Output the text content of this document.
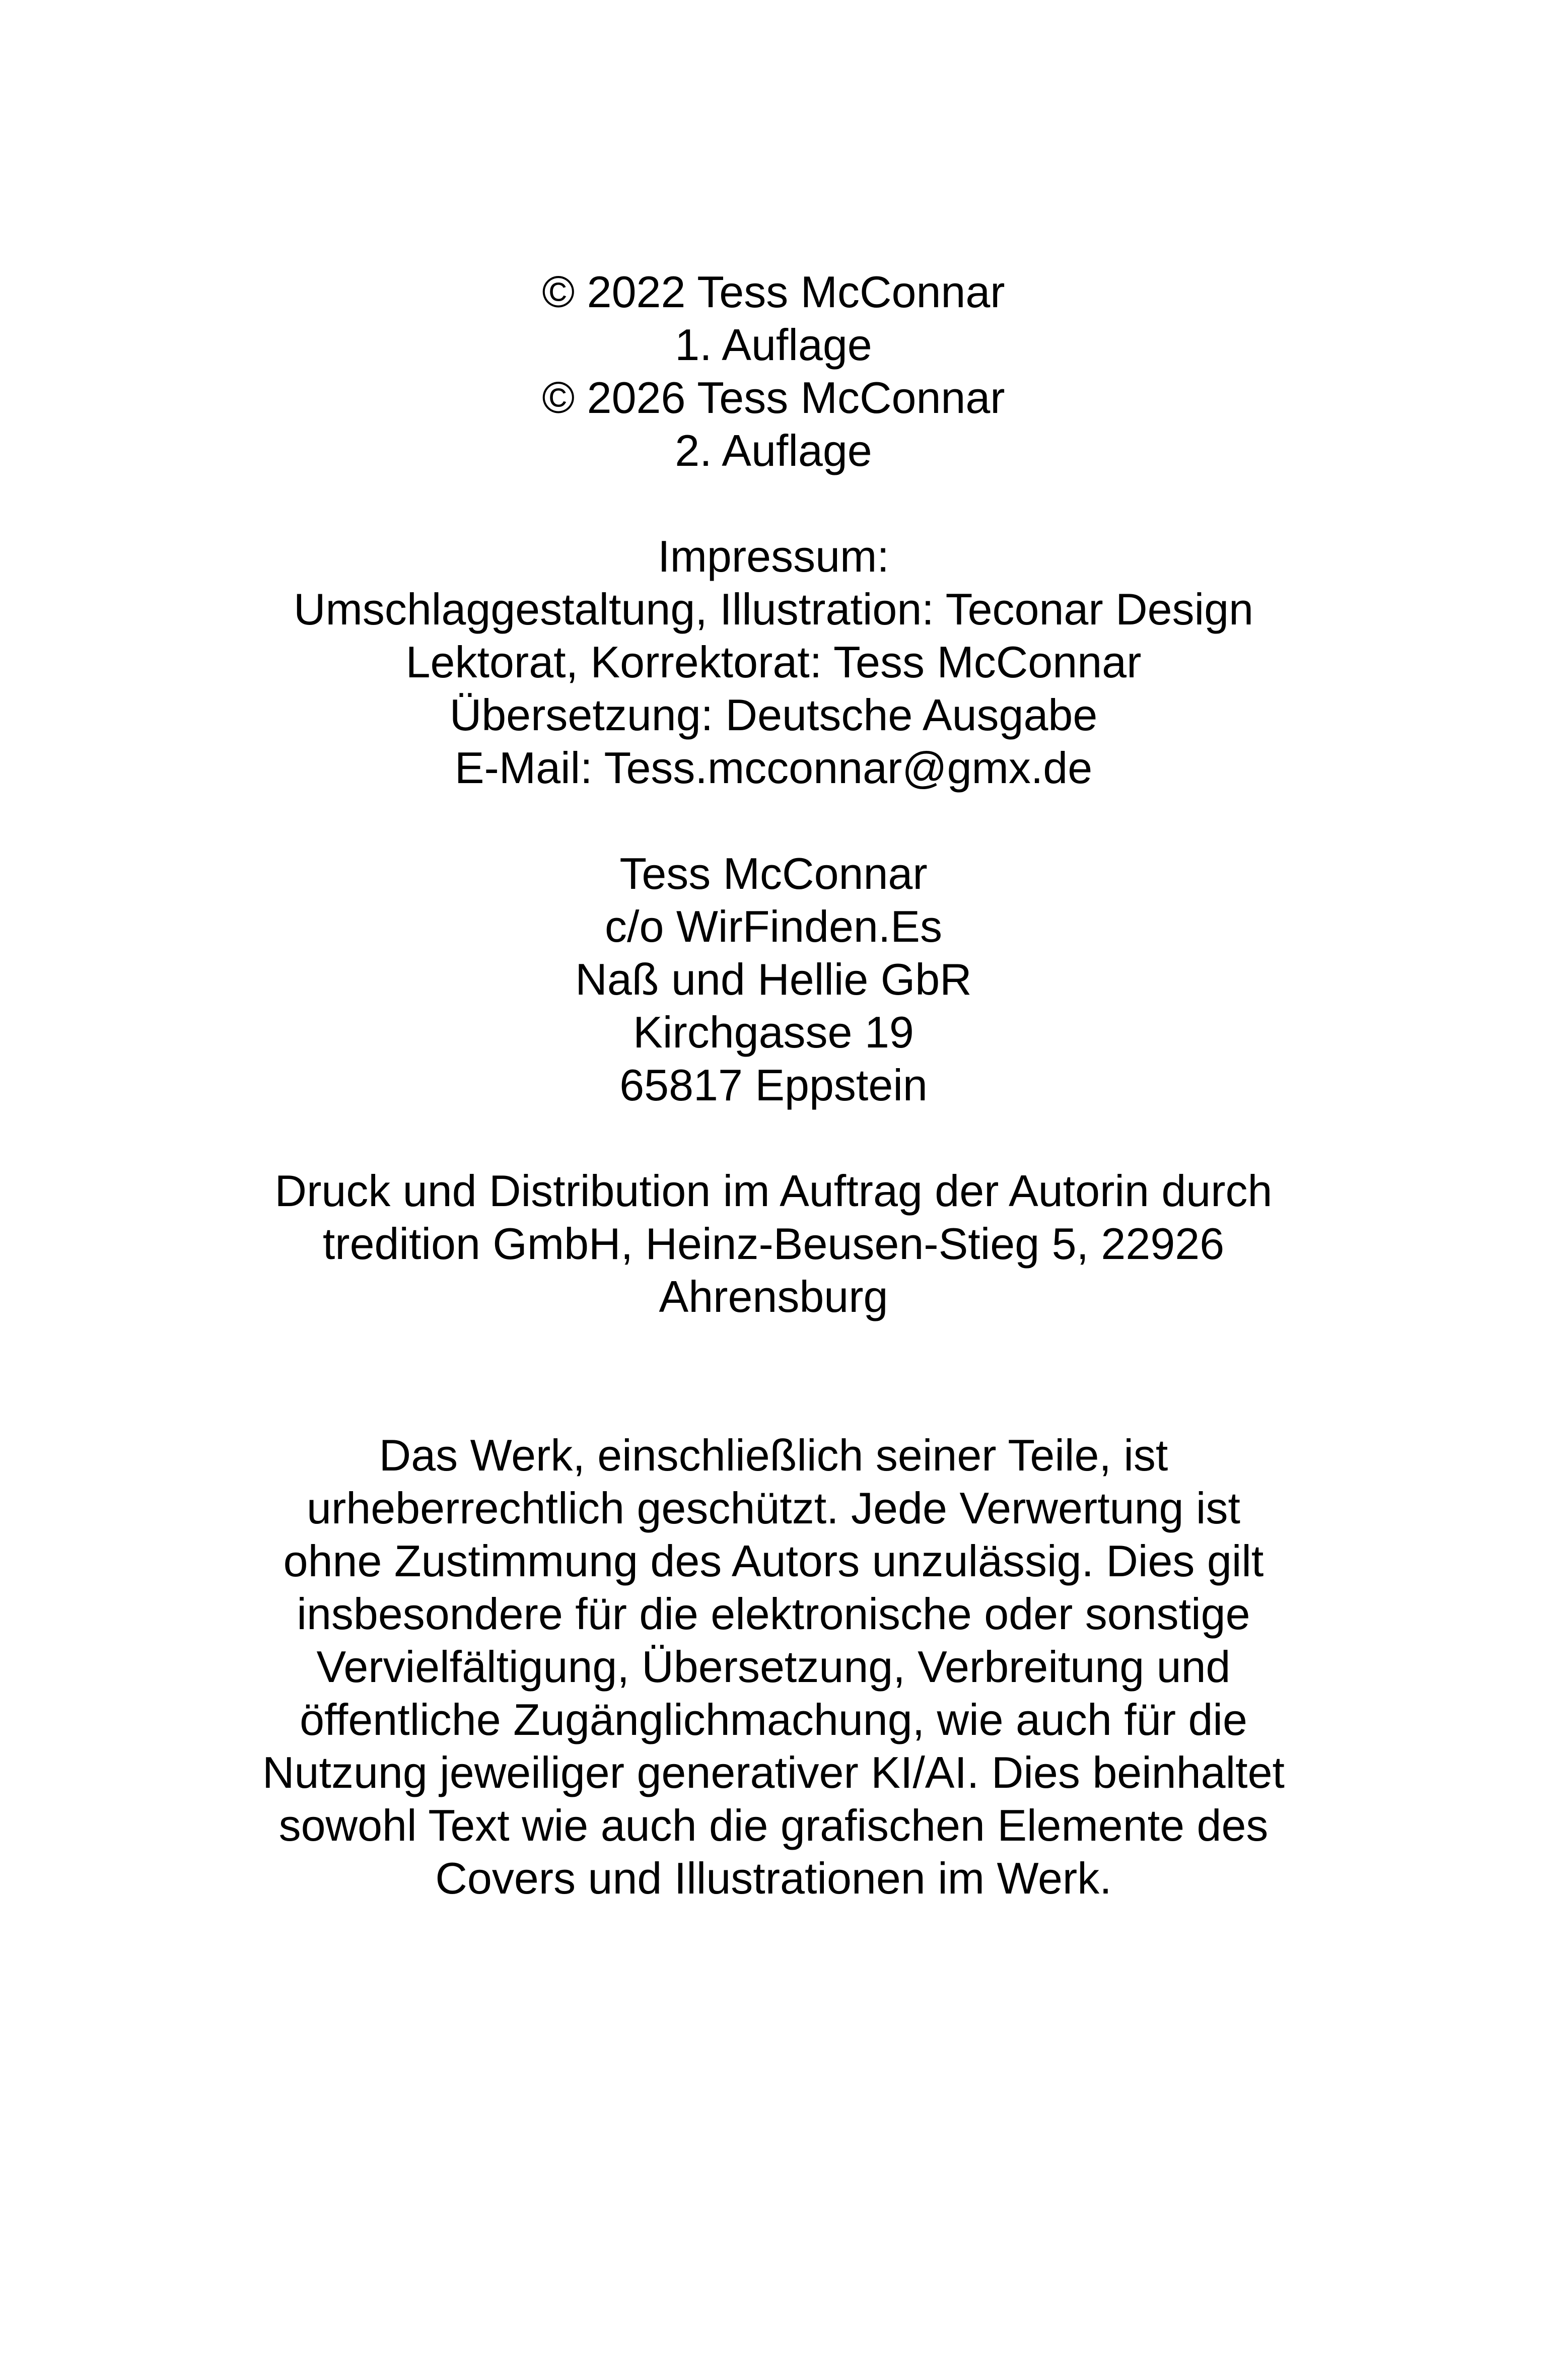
© 2022 Tess McConnar
1. Auflage
© 2026 Tess McConnar
2. Auflage
Impressum:
Umschlaggestaltung, Illustration: Teconar Design
Lektorat, Korrektorat: Tess McConnar
Übersetzung: Deutsche Ausgabe
E-Mail: Tess.mcconnar@gmx.de
Tess McConnar
c/o WirFinden.Es
Naß und Hellie GbR
Kirchgasse 19
65817 Eppstein
Druck und Distribution im Auftrag der Autorin durch
tredition GmbH, Heinz-Beusen-Stieg 5, 22926
Ahrensburg
Das Werk, einschließlich seiner Teile, ist
urheberrechtlich geschützt. Jede Verwertung ist
ohne Zustimmung des Autors unzulässig. Dies gilt
insbesondere für die elektronische oder sonstige
Vervielfältigung, Übersetzung, Verbreitung und
öffentliche Zugänglichmachung, wie auch für die
Nutzung jeweiliger generativer KI/AI. Dies beinhaltet
sowohl Text wie auch die grafischen Elemente des
Covers und Illustrationen im Werk.
